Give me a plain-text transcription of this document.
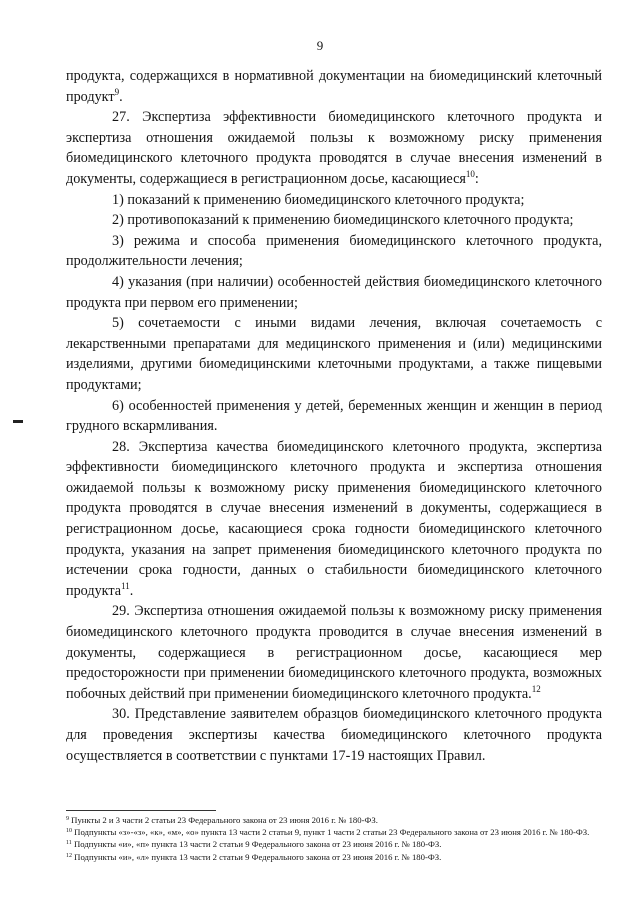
9

продукта, содержащихся в нормативной документации на биомедицинский клеточный продукт$^9$.

27. Экспертиза эффективности биомедицинского клеточного продукта и экспертиза отношения ожидаемой пользы к возможному риску применения биомедицинского клеточного продукта проводятся в случае внесения изменений в документы, содержащиеся в регистрационном досье, касающиеся$^{10}$:

1) показаний к применению биомедицинского клеточного продукта;

2) противопоказаний к применению биомедицинского клеточного продукта;

3) режима и способа применения биомедицинского клеточного продукта, продолжительности лечения;

4) указания (при наличии) особенностей действия биомедицинского клеточного продукта при первом его применении;

5) сочетаемости с иными видами лечения, включая сочетаемость с лекарственными препаратами для медицинского применения и (или) медицинскими изделиями, другими биомедицинскими клеточными продуктами, а также пищевыми продуктами;

6) особенностей применения у детей, беременных женщин и женщин в период грудного вскармливания.

28. Экспертиза качества биомедицинского клеточного продукта, экспертиза эффективности биомедицинского клеточного продукта и экспертиза отношения ожидаемой пользы к возможному риску применения биомедицинского клеточного продукта проводятся в случае внесения изменений в документы, содержащиеся в регистрационном досье, касающиеся срока годности биомедицинского клеточного продукта, указания на запрет применения биомедицинского клеточного продукта по истечении срока годности, данных о стабильности биомедицинского клеточного продукта$^{11}$.

29. Экспертиза отношения ожидаемой пользы к возможному риску применения биомедицинского клеточного продукта проводится в случае внесения изменений в документы, содержащиеся в регистрационном досье, касающиеся мер предосторожности при применении биомедицинского клеточного продукта, возможных побочных действий при применении биомедицинского клеточного продукта.$^{12}$

30. Представление заявителем образцов биомедицинского клеточного продукта для проведения экспертизы качества биомедицинского клеточного продукта осуществляется в соответствии с пунктами 17-19 настоящих Правил.

$^9$ Пункты 2 и 3 части 2 статьи 23 Федерального закона от 23 июня 2016 г. № 180-ФЗ.

$^{10}$ Подпункты «з»-«з», «к», «м», «о» пункта 13 части 2 статьи 9, пункт 1 части 2 статьи 23 Федерального закона от 23 июня 2016 г. № 180-ФЗ.

$^{11}$ Подпункты «и», «п» пункта 13 части 2 статьи 9 Федерального закона от 23 июня 2016 г. № 180-ФЗ.

$^{12}$ Подпункты «и», «л» пункта 13 части 2 статьи 9 Федерального закона от 23 июня 2016 г. № 180-ФЗ.
